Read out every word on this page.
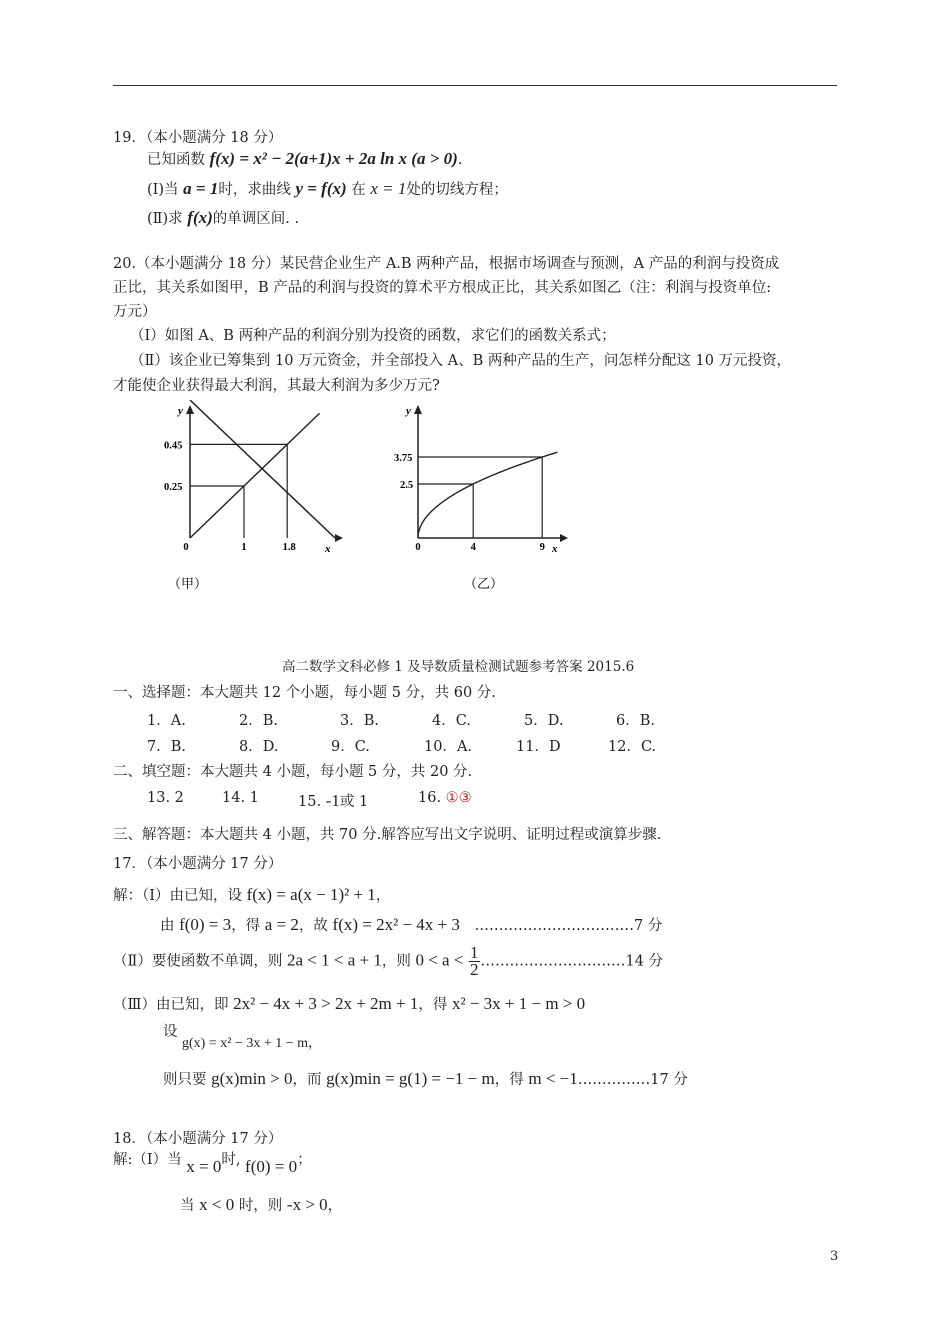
19．（本小题满分 18 分）
已知函数 f(x) = x² − 2(a+1)x + 2a ln x (a > 0).
(Ⅰ)当 a = 1时，求曲线 y = f(x) 在 x = 1处的切线方程；
(Ⅱ)求 f(x)的单调区间. .
20.（本小题满分 18 分）某民营企业生产 A.B 两种产品，根据市场调查与预测，A 产品的利润与投资成
正比，其关系如图甲，B 产品的利润与投资的算术平方根成正比，其关系如图乙（注：利润与投资单位:
万元）
（Ⅰ）如图 A、B 两种产品的利润分别为投资的函数，求它们的函数关系式；
（Ⅱ）该企业已筹集到 10 万元资金，并全部投入 A、B 两种产品的生产，问怎样分配这 10 万元投资，
才能使企业获得最大利润，其最大利润为多少万元?
y
x
0.45
0.25
0	1	1.8
（甲）
y
x
3.75
2.5
0	4	9
（乙）
高二数学文科必修 1 及导数质量检测试题参考答案 2015.6
一、选择题：本大题共 12 个小题，每小题 5 分，共 60 分.
1．A.	2．B.	3．B.	4．C.	5．D.	6．B.
7．B.	8．D.	9．C.	10．A.	11．D	12．C.
二、填空题：本大题共 4 小题，每小题 5 分，共 20 分.
13. 2	14. 1	15. -1或 1	16. ①③
三、解答题：本大题共 4 小题，共 70 分.解答应写出文字说明、证明过程或演算步骤.
17．（本小题满分 17 分）
解：（Ⅰ）由已知，设 f(x) = a(x − 1)² + 1，
由 f(0) = 3，得 a = 2，故 f(x) = 2x² − 4x + 3 ……………………………7 分
（Ⅱ）要使函数不单调，则 2a < 1 < a + 1，则 $0 < a < \frac{1}{2}$ …………………………14 分
（Ⅲ）由已知，即 2x² − 4x + 3 > 2x + 2m + 1，得 x² − 3x + 1 − m > 0
设
g(x) = x² − 3x + 1 − m，
则只要 g(x)min > 0，而 g(x)min = g(1) = −1 − m，得 m < −1……………17 分
18．（本小题满分 17 分）
解:（Ⅰ）当 x = 0时, f(0) = 0；
当 x < 0 时，则 -x > 0，
3
